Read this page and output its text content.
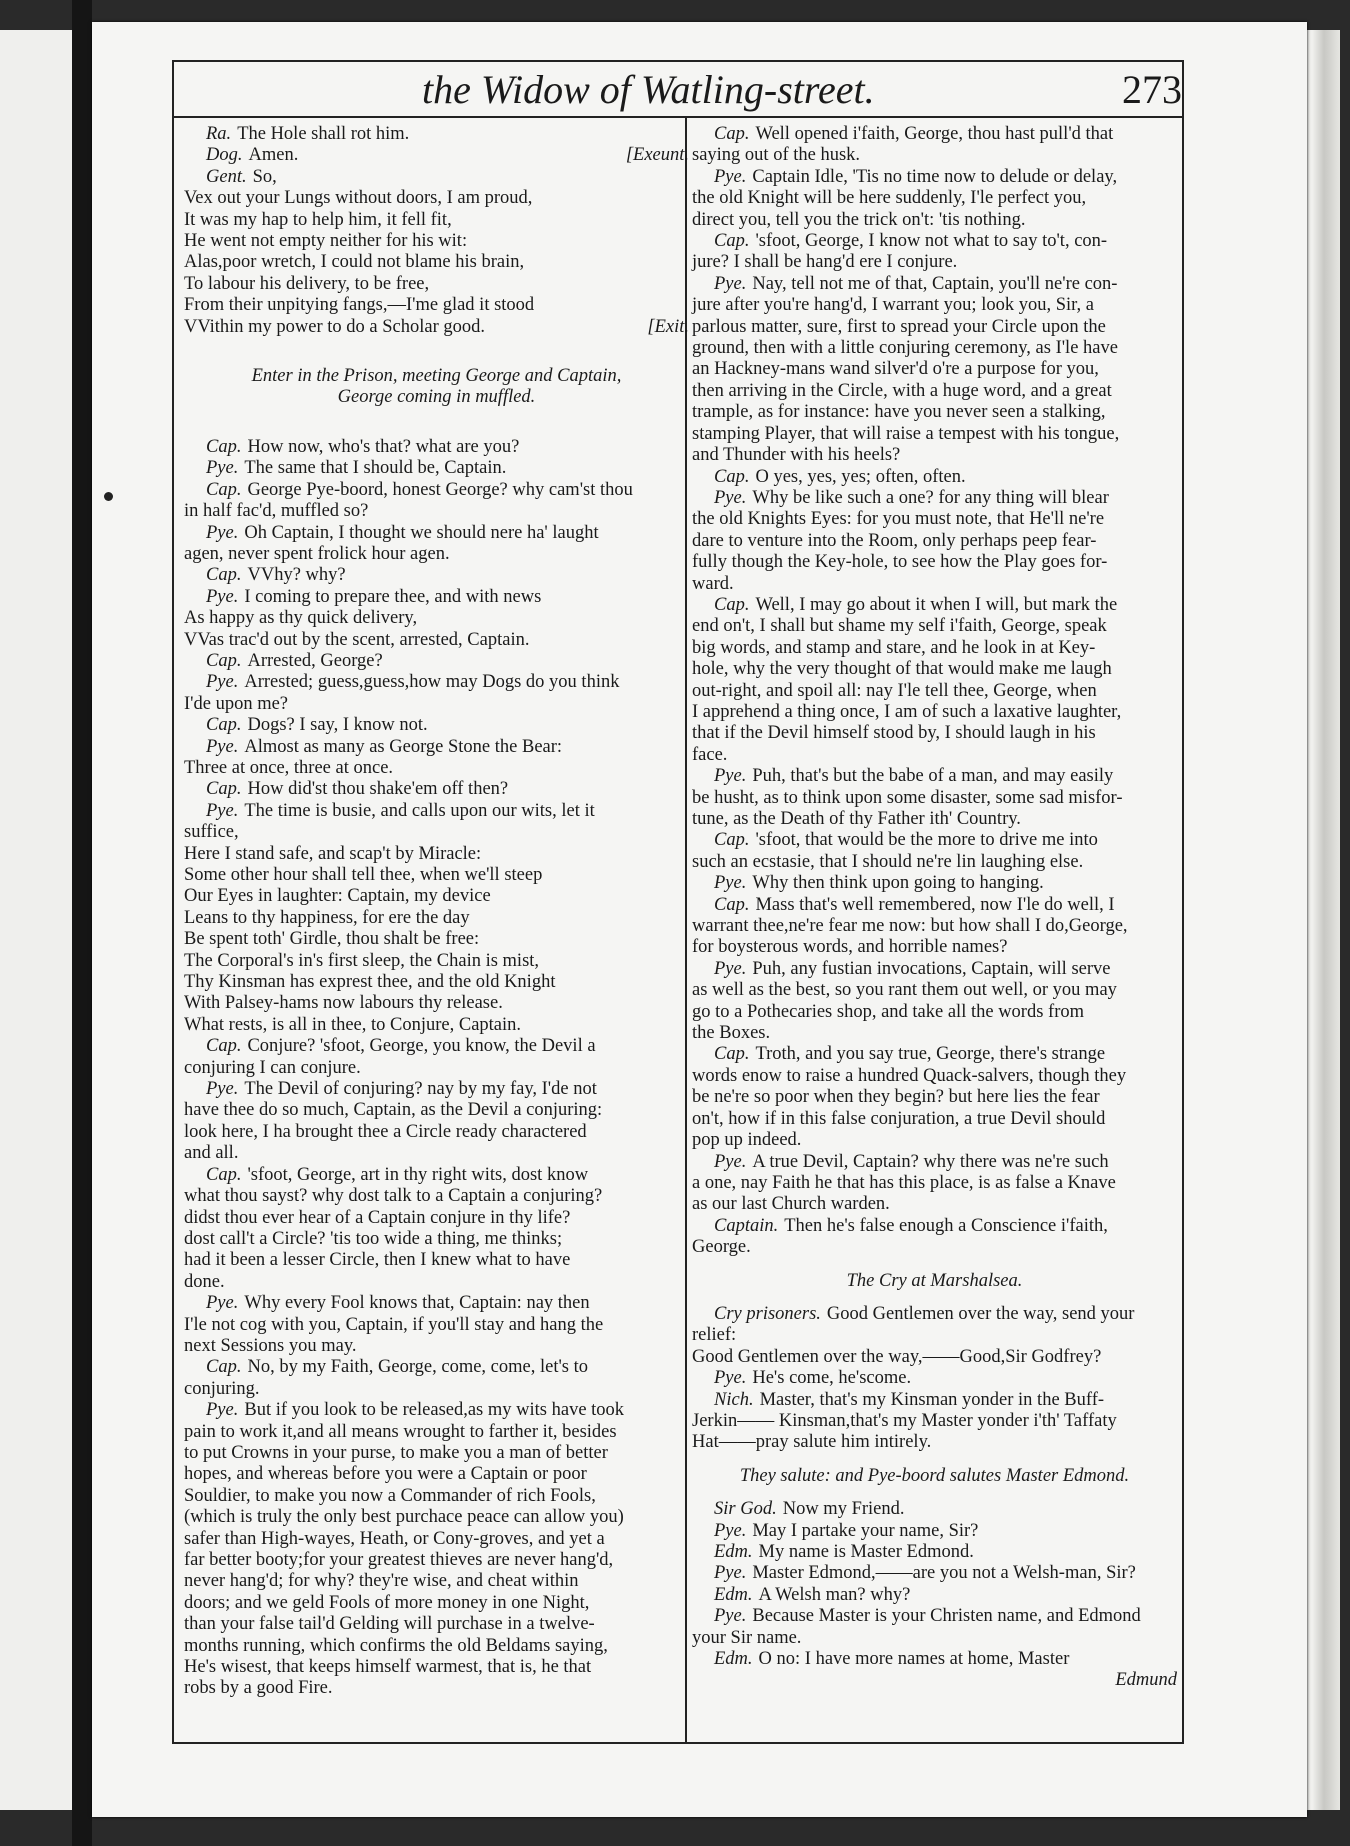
the Widow of Watling-street.	273
Ra. The Hole shall rot him.
[Exeunt.
Dog. Amen.
Gent. So,
Vex out your Lungs without doors, I am proud,
It was my hap to help him, it fell fit,
He went not empty neither for his wit:
Alas,poor wretch, I could not blame his brain,
To labour his delivery, to be free,
From their unpitying fangs,—I'me glad it stood
[Exit.
VVithin my power to do a Scholar good.
Enter in the Prison, meeting George and Captain,
George coming in muffled.
Cap. How now, who's that? what are you?
Pye. The same that I should be, Captain.
Cap. George Pye-boord, honest George? why cam'st thou
in half fac'd, muffled so?
Pye. Oh Captain, I thought we should nere ha' laught
agen, never spent frolick hour agen.
Cap. VVhy? why?
Pye. I coming to prepare thee, and with news
As happy as thy quick delivery,
VVas trac'd out by the scent, arrested, Captain.
Cap. Arrested, George?
Pye. Arrested; guess,guess,how may Dogs do you think
I'de upon me?
Cap. Dogs? I say, I know not.
Pye. Almost as many as George Stone the Bear:
Three at once, three at once.
Cap. How did'st thou shake'em off then?
Pye. The time is busie, and calls upon our wits, let it
suffice,
Here I stand safe, and scap't by Miracle:
Some other hour shall tell thee, when we'll steep
Our Eyes in laughter: Captain, my device
Leans to thy happiness, for ere the day
Be spent toth' Girdle, thou shalt be free:
The Corporal's in's first sleep, the Chain is mist,
Thy Kinsman has exprest thee, and the old Knight
With Palsey-hams now labours thy release.
What rests, is all in thee, to Conjure, Captain.
Cap. Conjure? 'sfoot, George, you know, the Devil a
conjuring I can conjure.
Pye. The Devil of conjuring? nay by my fay, I'de not
have thee do so much, Captain, as the Devil a conjuring:
look here, I ha brought thee a Circle ready charactered
and all.
Cap. 'sfoot, George, art in thy right wits, dost know
what thou sayst? why dost talk to a Captain a conjuring?
didst thou ever hear of a Captain conjure in thy life?
dost call't a Circle? 'tis too wide a thing, me thinks;
had it been a lesser Circle, then I knew what to have
done.
Pye. Why every Fool knows that, Captain: nay then
I'le not cog with you, Captain, if you'll stay and hang the
next Sessions you may.
Cap. No, by my Faith, George, come, come, let's to
conjuring.
Pye. But if you look to be released,as my wits have took
pain to work it,and all means wrought to farther it, besides
to put Crowns in your purse, to make you a man of better
hopes, and whereas before you were a Captain or poor
Souldier, to make you now a Commander of rich Fools,
(which is truly the only best purchace peace can allow you)
safer than High-wayes, Heath, or Cony-groves, and yet a
far better booty;for your greatest thieves are never hang'd,
never hang'd; for why? they're wise, and cheat within
doors; and we geld Fools of more money in one Night,
than your false tail'd Gelding will purchase in a twelve-
months running, which confirms the old Beldams saying,
He's wisest, that keeps himself warmest, that is, he that
robs by a good Fire.
Cap. Well opened i'faith, George, thou hast pull'd that
saying out of the husk.
Pye. Captain Idle, 'Tis no time now to delude or delay,
the old Knight will be here suddenly, I'le perfect you,
direct you, tell you the trick on't: 'tis nothing.
Cap. 'sfoot, George, I know not what to say to't, con-
jure? I shall be hang'd ere I conjure.
Pye. Nay, tell not me of that, Captain, you'll ne're con-
jure after you're hang'd, I warrant you; look you, Sir, a
parlous matter, sure, first to spread your Circle upon the
ground, then with a little conjuring ceremony, as I'le have
an Hackney-mans wand silver'd o're a purpose for you,
then arriving in the Circle, with a huge word, and a great
trample, as for instance: have you never seen a stalking,
stamping Player, that will raise a tempest with his tongue,
and Thunder with his heels?
Cap. O yes, yes, yes; often, often.
Pye. Why be like such a one? for any thing will blear
the old Knights Eyes: for you must note, that He'll ne're
dare to venture into the Room, only perhaps peep fear-
fully though the Key-hole, to see how the Play goes for-
ward.
Cap. Well, I may go about it when I will, but mark the
end on't, I shall but shame my self i'faith, George, speak
big words, and stamp and stare, and he look in at Key-
hole, why the very thought of that would make me laugh
out-right, and spoil all: nay I'le tell thee, George, when
I apprehend a thing once, I am of such a laxative laughter,
that if the Devil himself stood by, I should laugh in his
face.
Pye. Puh, that's but the babe of a man, and may easily
be husht, as to think upon some disaster, some sad misfor-
tune, as the Death of thy Father ith' Country.
Cap. 'sfoot, that would be the more to drive me into
such an ecstasie, that I should ne're lin laughing else.
Pye. Why then think upon going to hanging.
Cap. Mass that's well remembered, now I'le do well, I
warrant thee,ne're fear me now: but how shall I do,George,
for boysterous words, and horrible names?
Pye. Puh, any fustian invocations, Captain, will serve
as well as the best, so you rant them out well, or you may
go to a Pothecaries shop, and take all the words from
the Boxes.
Cap. Troth, and you say true, George, there's strange
words enow to raise a hundred Quack-salvers, though they
be ne're so poor when they begin? but here lies the fear
on't, how if in this false conjuration, a true Devil should
pop up indeed.
Pye. A true Devil, Captain? why there was ne're such
a one, nay Faith he that has this place, is as false a Knave
as our last Church warden.
Captain. Then he's false enough a Conscience i'faith,
George.
The Cry at Marshalsea.
Cry prisoners. Good Gentlemen over the way, send your
relief:
Good Gentlemen over the way,——Good,Sir Godfrey?
Pye. He's come, he'scome.
Nich. Master, that's my Kinsman yonder in the Buff-
Jerkin—— Kinsman,that's my Master yonder i'th' Taffaty
Hat——pray salute him intirely.
They salute: and Pye-boord salutes Master Edmond.
Sir God. Now my Friend.
Pye. May I partake your name, Sir?
Edm. My name is Master Edmond.
Pye. Master Edmond,——are you not a Welsh-man, Sir?
Edm. A Welsh man? why?
Pye. Because Master is your Christen name, and Edmond
your Sir name.
Edm. O no: I have more names at home, Master
Edmund
